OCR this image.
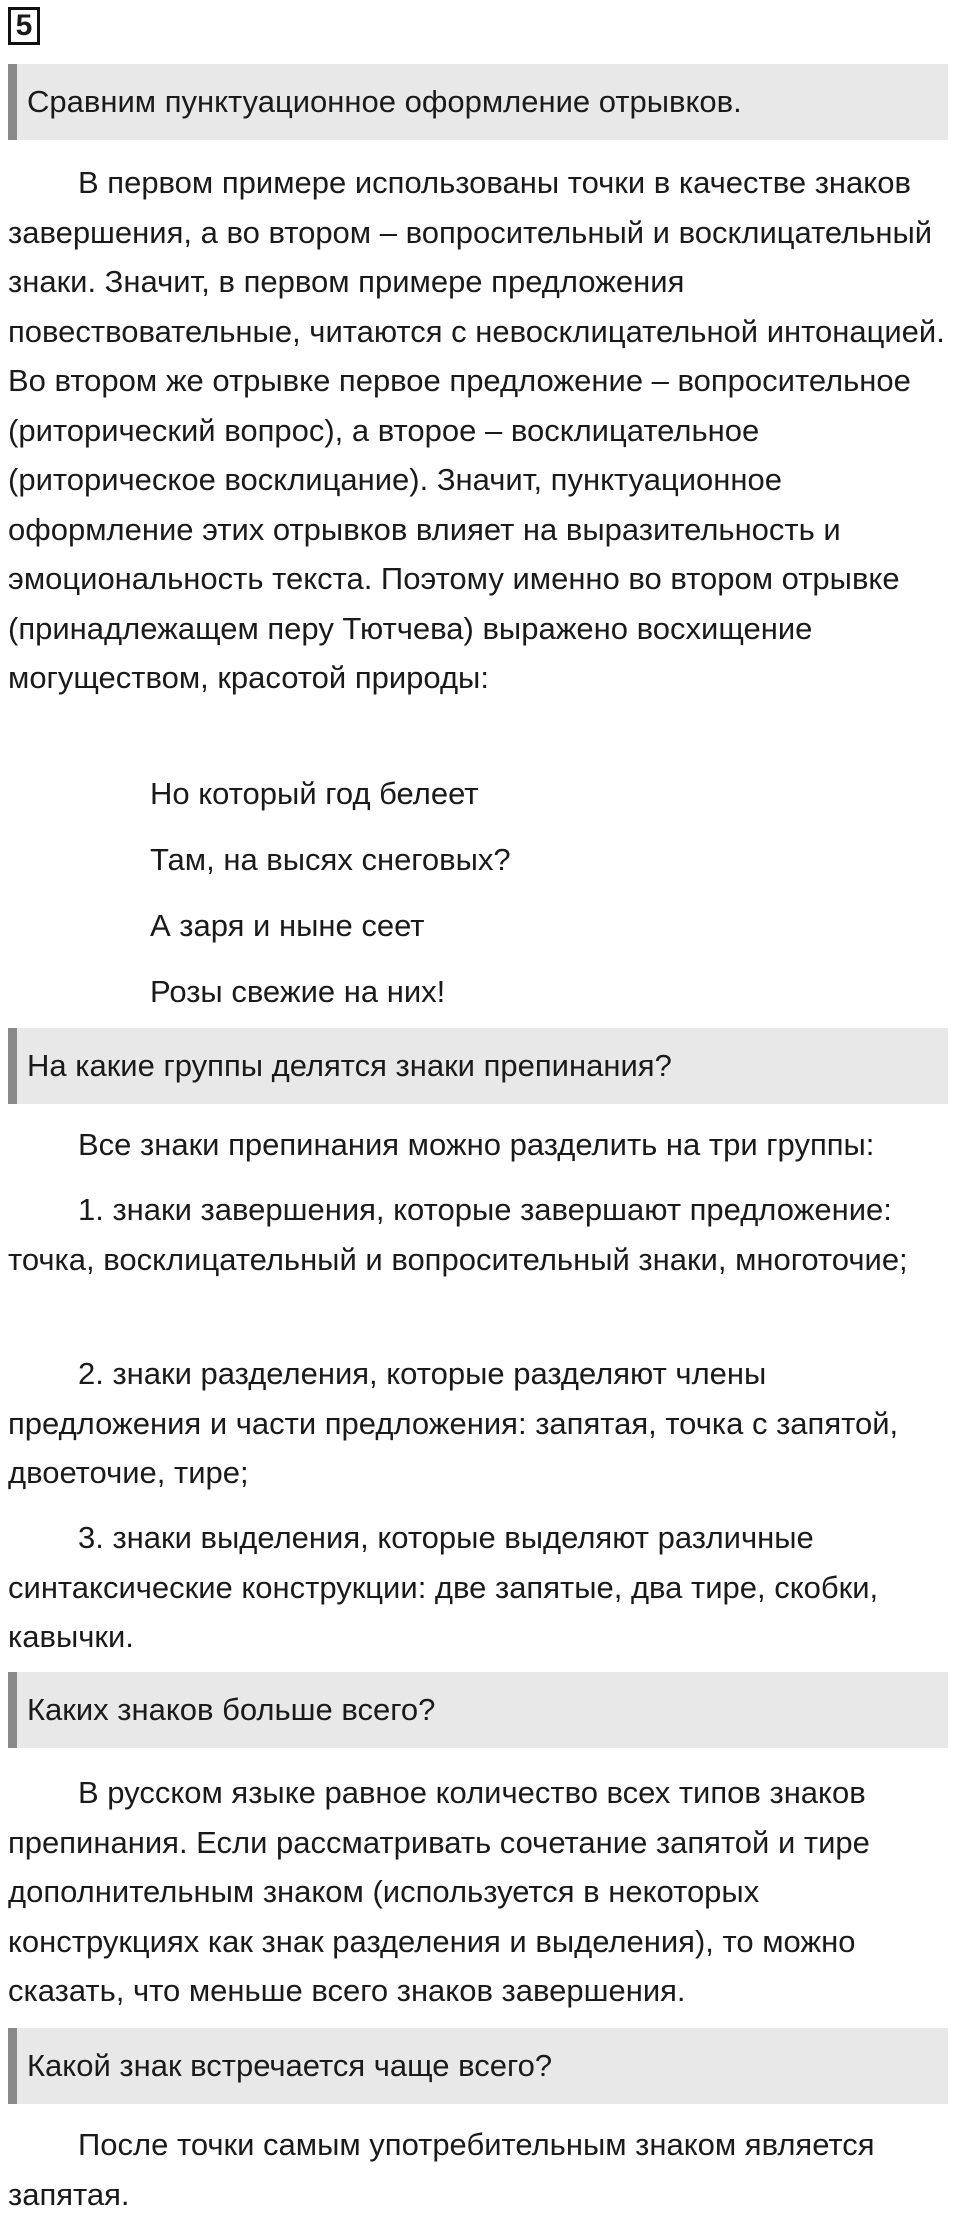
5
Сравним пунктуационное оформление отрывков.
В первом примере использованы точки в качестве знаков завершения, а во втором – вопросительный и восклицательный знаки. Значит, в первом примере предложения повествовательные, читаются с невосклицательной интонацией. Во втором же отрывке первое предложение – вопросительное (риторический вопрос), а второе – восклицательное (риторическое восклицание). Значит, пунктуационное оформление этих отрывков влияет на выразительность и эмоциональность текста. Поэтому именно во втором отрывке (принадлежащем перу Тютчева) выражено восхищение могуществом, красотой природы:
Но который год белеет
Там, на высях снеговых?
А заря и ныне сеет
Розы свежие на них!
На какие группы делятся знаки препинания?
Все знаки препинания можно разделить на три группы:
1. знаки завершения, которые завершают предложение: точка, восклицательный и вопросительный знаки, многоточие;
2. знаки разделения, которые разделяют члены предложения и части предложения: запятая, точка с запятой, двоеточие, тире;
3. знаки выделения, которые выделяют различные синтаксические конструкции: две запятые, два тире, скобки, кавычки.
Каких знаков больше всего?
В русском языке равное количество всех типов знаков препинания. Если рассматривать сочетание запятой и тире дополнительным знаком (используется в некоторых конструкциях как знак разделения и выделения), то можно сказать, что меньше всего знаков завершения.
Какой знак встречается чаще всего?
После точки самым употребительным знаком является запятая.
